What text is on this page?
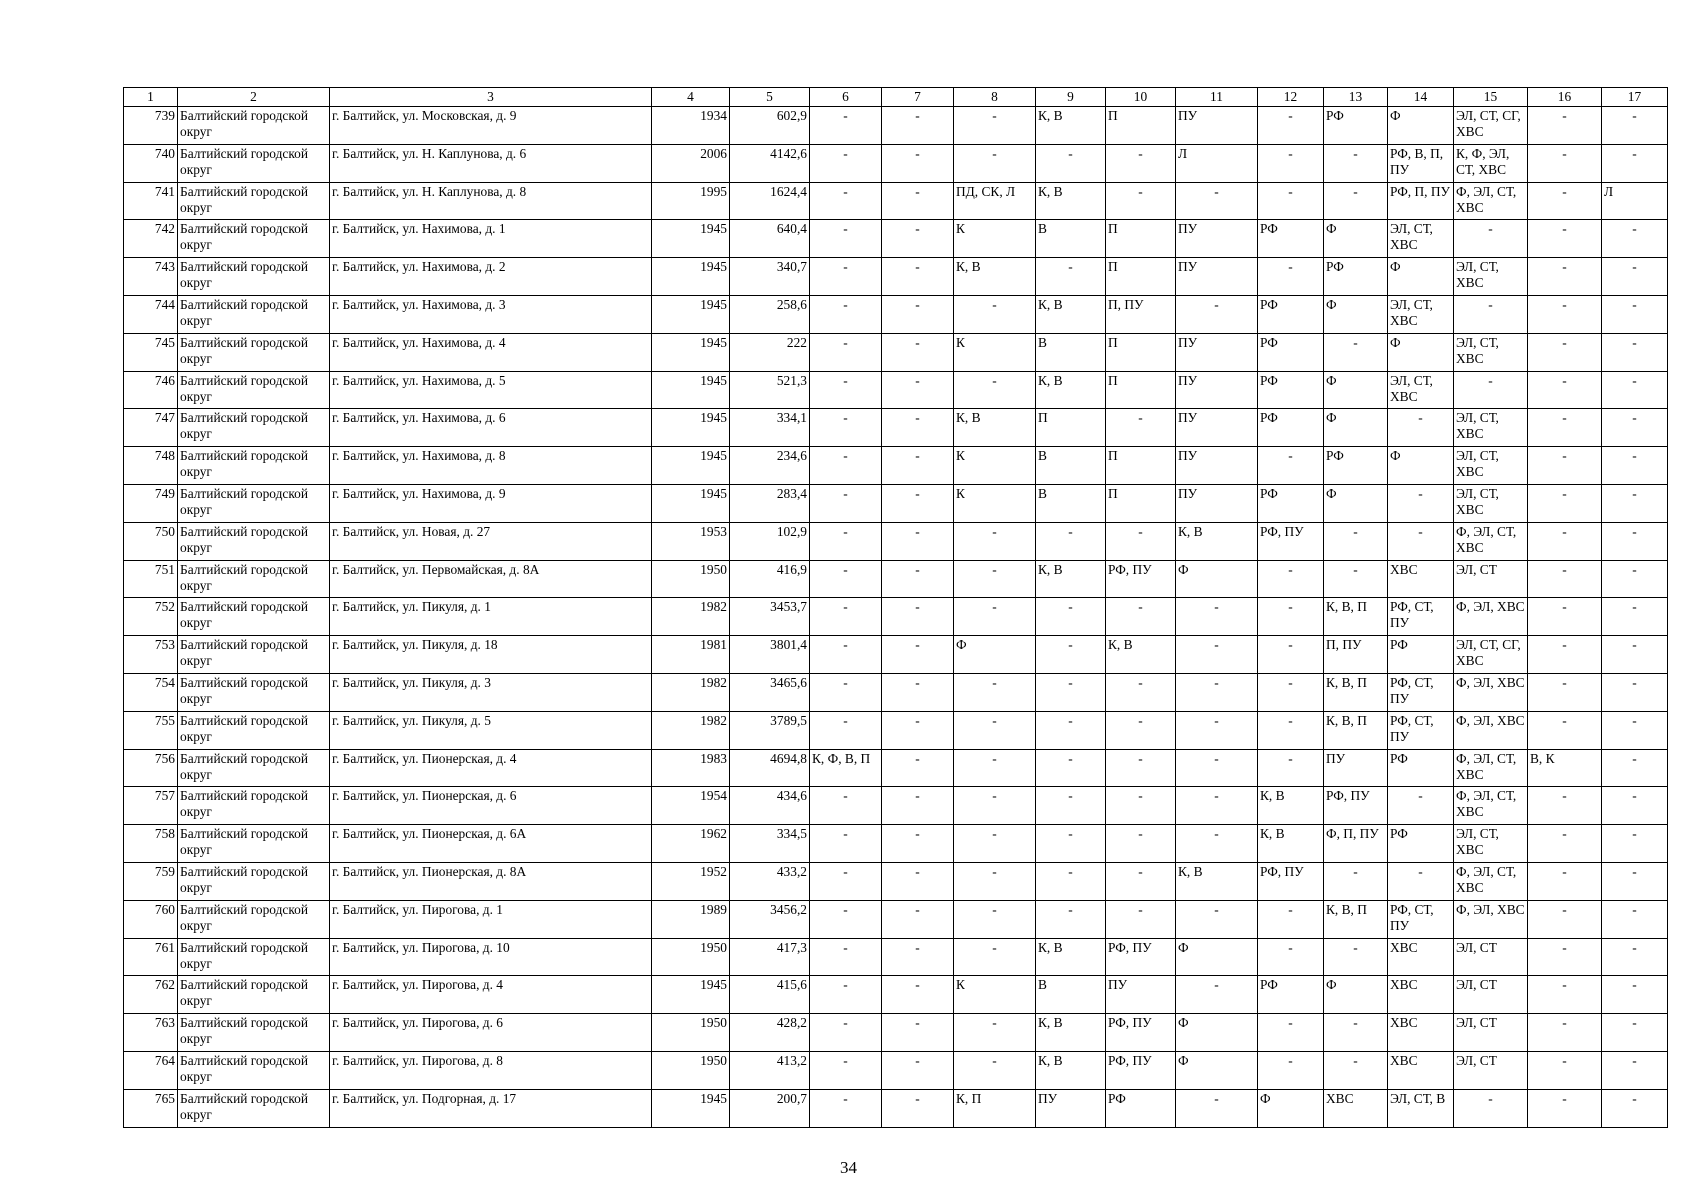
1	2	3	4	5	6	7	8	9	10	11	12	13	14	15	16	17
739	Балтийский городской округ	г. Балтийск, ул. Московская, д. 9	1934	602,9	-	-	-	К, В	П	ПУ	-	РФ	Ф	ЭЛ, СТ, СГ, ХВС	-	-
740	Балтийский городской округ	г. Балтийск, ул. Н. Каплунова, д. 6	2006	4142,6	-	-	-	-	-	Л	-	-	РФ, В, П, ПУ	К, Ф, ЭЛ, СТ, ХВС	-	-
741	Балтийский городской округ	г. Балтийск, ул. Н. Каплунова, д. 8	1995	1624,4	-	-	ПД, СК, Л	К, В	-	-	-	-	РФ, П, ПУ	Ф, ЭЛ, СТ, ХВС	-	Л
742	Балтийский городской округ	г. Балтийск, ул. Нахимова, д. 1	1945	640,4	-	-	К	В	П	ПУ	РФ	Ф	ЭЛ, СТ, ХВС	-	-	-
743	Балтийский городской округ	г. Балтийск, ул. Нахимова, д. 2	1945	340,7	-	-	К, В	-	П	ПУ	-	РФ	Ф	ЭЛ, СТ, ХВС	-	-
744	Балтийский городской округ	г. Балтийск, ул. Нахимова, д. 3	1945	258,6	-	-	-	К, В	П, ПУ	-	РФ	Ф	ЭЛ, СТ, ХВС	-	-	-
745	Балтийский городской округ	г. Балтийск, ул. Нахимова, д. 4	1945	222	-	-	К	В	П	ПУ	РФ	-	Ф	ЭЛ, СТ, ХВС	-	-
746	Балтийский городской округ	г. Балтийск, ул. Нахимова, д. 5	1945	521,3	-	-	-	К, В	П	ПУ	РФ	Ф	ЭЛ, СТ, ХВС	-	-	-
747	Балтийский городской округ	г. Балтийск, ул. Нахимова, д. 6	1945	334,1	-	-	К, В	П	-	ПУ	РФ	Ф	-	ЭЛ, СТ, ХВС	-	-
748	Балтийский городской округ	г. Балтийск, ул. Нахимова, д. 8	1945	234,6	-	-	К	В	П	ПУ	-	РФ	Ф	ЭЛ, СТ, ХВС	-	-
749	Балтийский городской округ	г. Балтийск, ул. Нахимова, д. 9	1945	283,4	-	-	К	В	П	ПУ	РФ	Ф	-	ЭЛ, СТ, ХВС	-	-
750	Балтийский городской округ	г. Балтийск, ул. Новая, д. 27	1953	102,9	-	-	-	-	-	К, В	РФ, ПУ	-	-	Ф, ЭЛ, СТ, ХВС	-	-
751	Балтийский городской округ	г. Балтийск, ул. Первомайская, д. 8А	1950	416,9	-	-	-	К, В	РФ, ПУ	Ф	-	-	ХВС	ЭЛ, СТ	-	-
752	Балтийский городской округ	г. Балтийск, ул. Пикуля, д. 1	1982	3453,7	-	-	-	-	-	-	-	К, В, П	РФ, СТ, ПУ	Ф, ЭЛ, ХВС	-	-
753	Балтийский городской округ	г. Балтийск, ул. Пикуля, д. 18	1981	3801,4	-	-	Ф	-	К, В	-	-	П, ПУ	РФ	ЭЛ, СТ, СГ, ХВС	-	-
754	Балтийский городской округ	г. Балтийск, ул. Пикуля, д. 3	1982	3465,6	-	-	-	-	-	-	-	К, В, П	РФ, СТ, ПУ	Ф, ЭЛ, ХВС	-	-
755	Балтийский городской округ	г. Балтийск, ул. Пикуля, д. 5	1982	3789,5	-	-	-	-	-	-	-	К, В, П	РФ, СТ, ПУ	Ф, ЭЛ, ХВС	-	-
756	Балтийский городской округ	г. Балтийск, ул. Пионерская, д. 4	1983	4694,8	К, Ф, В, П	-	-	-	-	-	-	ПУ	РФ	Ф, ЭЛ, СТ, ХВС	В, К	-
757	Балтийский городской округ	г. Балтийск, ул. Пионерская, д. 6	1954	434,6	-	-	-	-	-	-	К, В	РФ, ПУ	-	Ф, ЭЛ, СТ, ХВС	-	-
758	Балтийский городской округ	г. Балтийск, ул. Пионерская, д. 6А	1962	334,5	-	-	-	-	-	-	К, В	Ф, П, ПУ	РФ	ЭЛ, СТ, ХВС	-	-
759	Балтийский городской округ	г. Балтийск, ул. Пионерская, д. 8А	1952	433,2	-	-	-	-	-	К, В	РФ, ПУ	-	-	Ф, ЭЛ, СТ, ХВС	-	-
760	Балтийский городской округ	г. Балтийск, ул. Пирогова, д. 1	1989	3456,2	-	-	-	-	-	-	-	К, В, П	РФ, СТ, ПУ	Ф, ЭЛ, ХВС	-	-
761	Балтийский городской округ	г. Балтийск, ул. Пирогова, д. 10	1950	417,3	-	-	-	К, В	РФ, ПУ	Ф	-	-	ХВС	ЭЛ, СТ	-	-
762	Балтийский городской округ	г. Балтийск, ул. Пирогова, д. 4	1945	415,6	-	-	К	В	ПУ	-	РФ	Ф	ХВС	ЭЛ, СТ	-	-
763	Балтийский городской округ	г. Балтийск, ул. Пирогова, д. 6	1950	428,2	-	-	-	К, В	РФ, ПУ	Ф	-	-	ХВС	ЭЛ, СТ	-	-
764	Балтийский городской округ	г. Балтийск, ул. Пирогова, д. 8	1950	413,2	-	-	-	К, В	РФ, ПУ	Ф	-	-	ХВС	ЭЛ, СТ	-	-
765	Балтийский городской округ	г. Балтийск, ул. Подгорная, д. 17	1945	200,7	-	-	К, П	ПУ	РФ	-	Ф	ХВС	ЭЛ, СТ, В	-	-	-
34
